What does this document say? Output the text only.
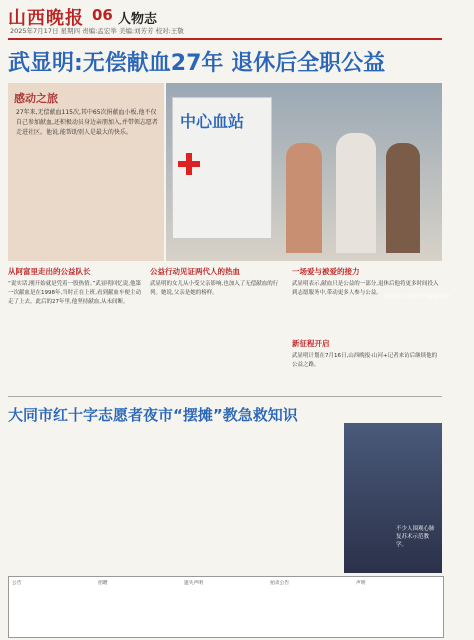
山西晚报 06 人物志
2025年7月17日 星期四 责编:孟宏举 美编:刘芳芳 校对:王敬
武显明:无偿献血27年 退休后全职公益
感动之旅
27年来,无偿献血115次,其中65次捐献血小板,他不仅自己参加献血,还积极动员身边亲朋加入,并带领志愿者走进社区。他说,能帮助别人是最大的快乐。
中心血站
武显明向市民宣传献血知识。
从阿富里走出的公益队长	公益行动见证两代人的热血	一场爱与被爱的接力
新征程开启
“说实话,刚开始就是凭着一股热情。”武显明回忆说,他第一次献血是在1998年,当时正在上班,看到献血车便主动走了上去。此后的27年里,他坚持献血,从未间断。
武显明的女儿从小受父亲影响,也加入了无偿献血的行列。她说,父亲是她的榜样。
武显明表示,献血只是公益的一部分,退休后他将更多时间投入到志愿服务中,带动更多人参与公益。
武显明计划在7月16日,山西晚报·山河+记者来访后继续他的公益之路。
大同市红十字志愿者夜市“摆摊”教急救知识
不少人围观心肺复苏术示范教学。
公告	招聘	遗失声明	拍卖公告	声明
